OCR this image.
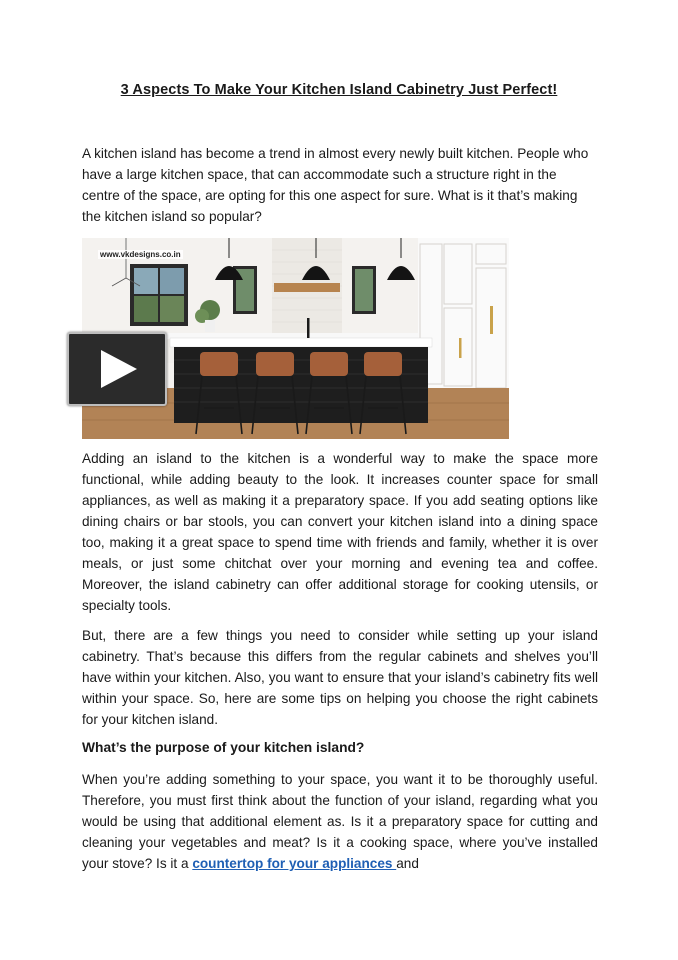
3 Aspects To Make Your Kitchen Island Cabinetry Just Perfect!

A kitchen island has become a trend in almost every newly built kitchen. People who have a large kitchen space, that can accommodate such a structure right in the centre of the space, are opting for this one aspect for sure. What is it that’s making the kitchen island so popular?

www.vkdesigns.co.in

Adding an island to the kitchen is a wonderful way to make the space more functional, while adding beauty to the look. It increases counter space for small appliances, as well as making it a preparatory space. If you add seating options like dining chairs or bar stools, you can convert your kitchen island into a dining space too, making it a great space to spend time with friends and family, whether it is over meals, or just some chitchat over your morning and evening tea and coffee. Moreover, the island cabinetry can offer additional storage for cooking utensils, or specialty tools.

But, there are a few things you need to consider while setting up your island cabinetry. That’s because this differs from the regular cabinets and shelves you’ll have within your kitchen. Also, you want to ensure that your island’s cabinetry fits well within your space. So, here are some tips on helping you choose the right cabinets for your kitchen island.

What’s the purpose of your kitchen island?

When you’re adding something to your space, you want it to be thoroughly useful. Therefore, you must first think about the function of your island, regarding what you would be using that additional element as. Is it a preparatory space for cutting and cleaning your vegetables and meat? Is it a cooking space, where you’ve installed your stove? Is it a countertop for your appliances and
